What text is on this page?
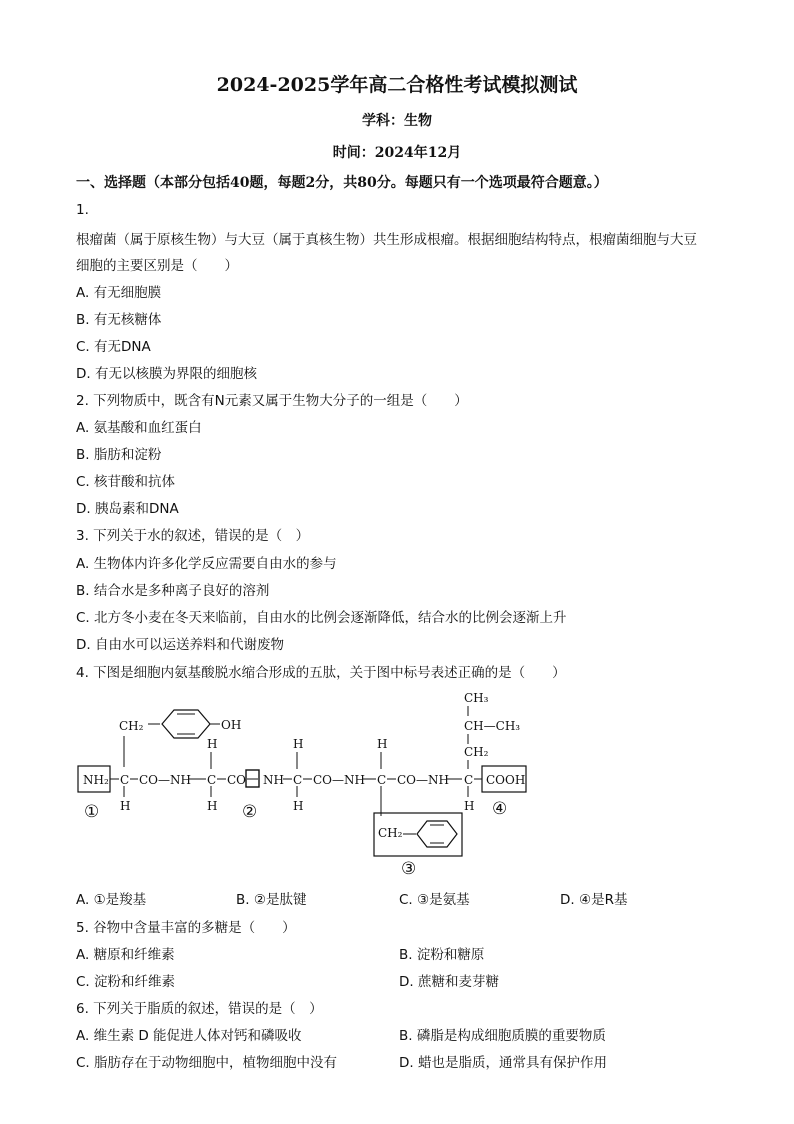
2024-2025学年高二合格性考试模拟测试
学科：生物
时间：2024年12月
一、选择题（本部分包括40题，每题2分，共80分。每题只有一个选项最符合题意。）
1.
根瘤菌（属于原核生物）与大豆（属于真核生物）共生形成根瘤。根据细胞结构特点，根瘤菌细胞与大豆
细胞的主要区别是（　　）
A. 有无细胞膜
B. 有无核糖体
C. 有无DNA
D. 有无以核膜为界限的细胞核
2. 下列物质中，既含有N元素又属于生物大分子的一组是（　　）
A. 氨基酸和血红蛋白
B. 脂肪和淀粉
C. 核苷酸和抗体
D. 胰岛素和DNA
3. 下列关于水的叙述，错误的是（　）
A. 生物体内许多化学反应需要自由水的参与
B. 结合水是多种离子良好的溶剂
C. 北方冬小麦在冬天来临前，自由水的比例会逐渐降低，结合水的比例会逐渐上升
D. 自由水可以运送养料和代谢废物
4. 下图是细胞内氨基酸脱水缩合形成的五肽，关于图中标号表述正确的是（　　）
NH₂ C
CH₂	OH
H
CO—NH
H
C
H
CO NH
H
C
H
CO—NH
H
C CO—NH
CH₂
CH₃
CH—CH₃
CH₂
C
H
COOH
①	②
③
④
A. ①是羧基	B. ②是肽键	C. ③是氨基	D. ④是R基
5. 谷物中含量丰富的多糖是（　　）
A. 糖原和纤维素	B. 淀粉和糖原
C. 淀粉和纤维素	D. 蔗糖和麦芽糖
6. 下列关于脂质的叙述，错误的是（　）
A. 维生素 D 能促进人体对钙和磷吸收	B. 磷脂是构成细胞质膜的重要物质
C. 脂肪存在于动物细胞中，植物细胞中没有	D. 蜡也是脂质，通常具有保护作用
